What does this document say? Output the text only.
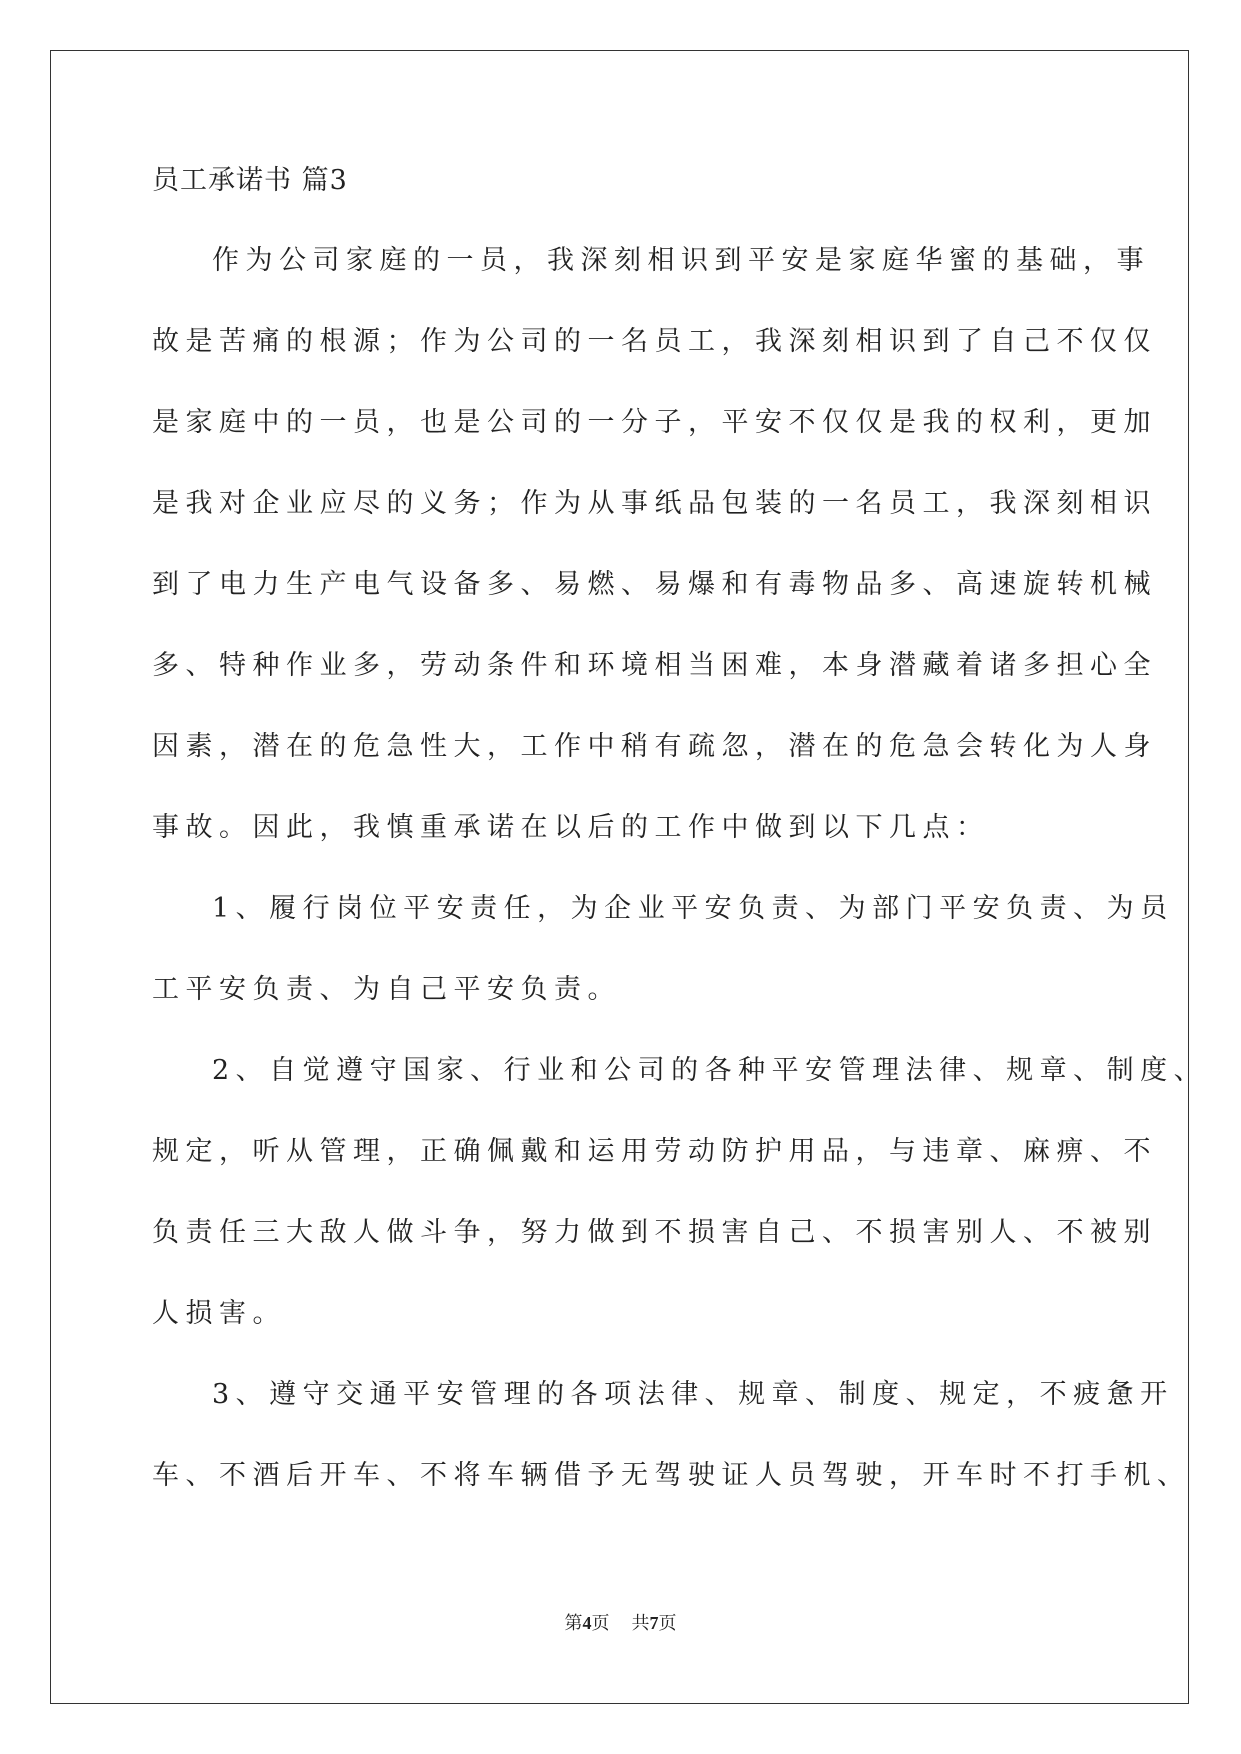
员工承诺书 篇3
作为公司家庭的一员，我深刻相识到平安是家庭华蜜的基础，事
故是苦痛的根源；作为公司的一名员工，我深刻相识到了自己不仅仅
是家庭中的一员，也是公司的一分子，平安不仅仅是我的权利，更加
是我对企业应尽的义务；作为从事纸品包装的一名员工，我深刻相识
到了电力生产电气设备多、易燃、易爆和有毒物品多、高速旋转机械
多、特种作业多，劳动条件和环境相当困难，本身潜藏着诸多担心全
因素，潜在的危急性大，工作中稍有疏忽，潜在的危急会转化为人身
事故。因此，我慎重承诺在以后的工作中做到以下几点：
1、履行岗位平安责任，为企业平安负责、为部门平安负责、为员
工平安负责、为自己平安负责。
2、自觉遵守国家、行业和公司的各种平安管理法律、规章、制度、
规定，听从管理，正确佩戴和运用劳动防护用品，与违章、麻痹、不
负责任三大敌人做斗争，努力做到不损害自己、不损害别人、不被别
人损害。
3、遵守交通平安管理的各项法律、规章、制度、规定，不疲惫开
车、不酒后开车、不将车辆借予无驾驶证人员驾驶，开车时不打手机、
第4页 共7页
